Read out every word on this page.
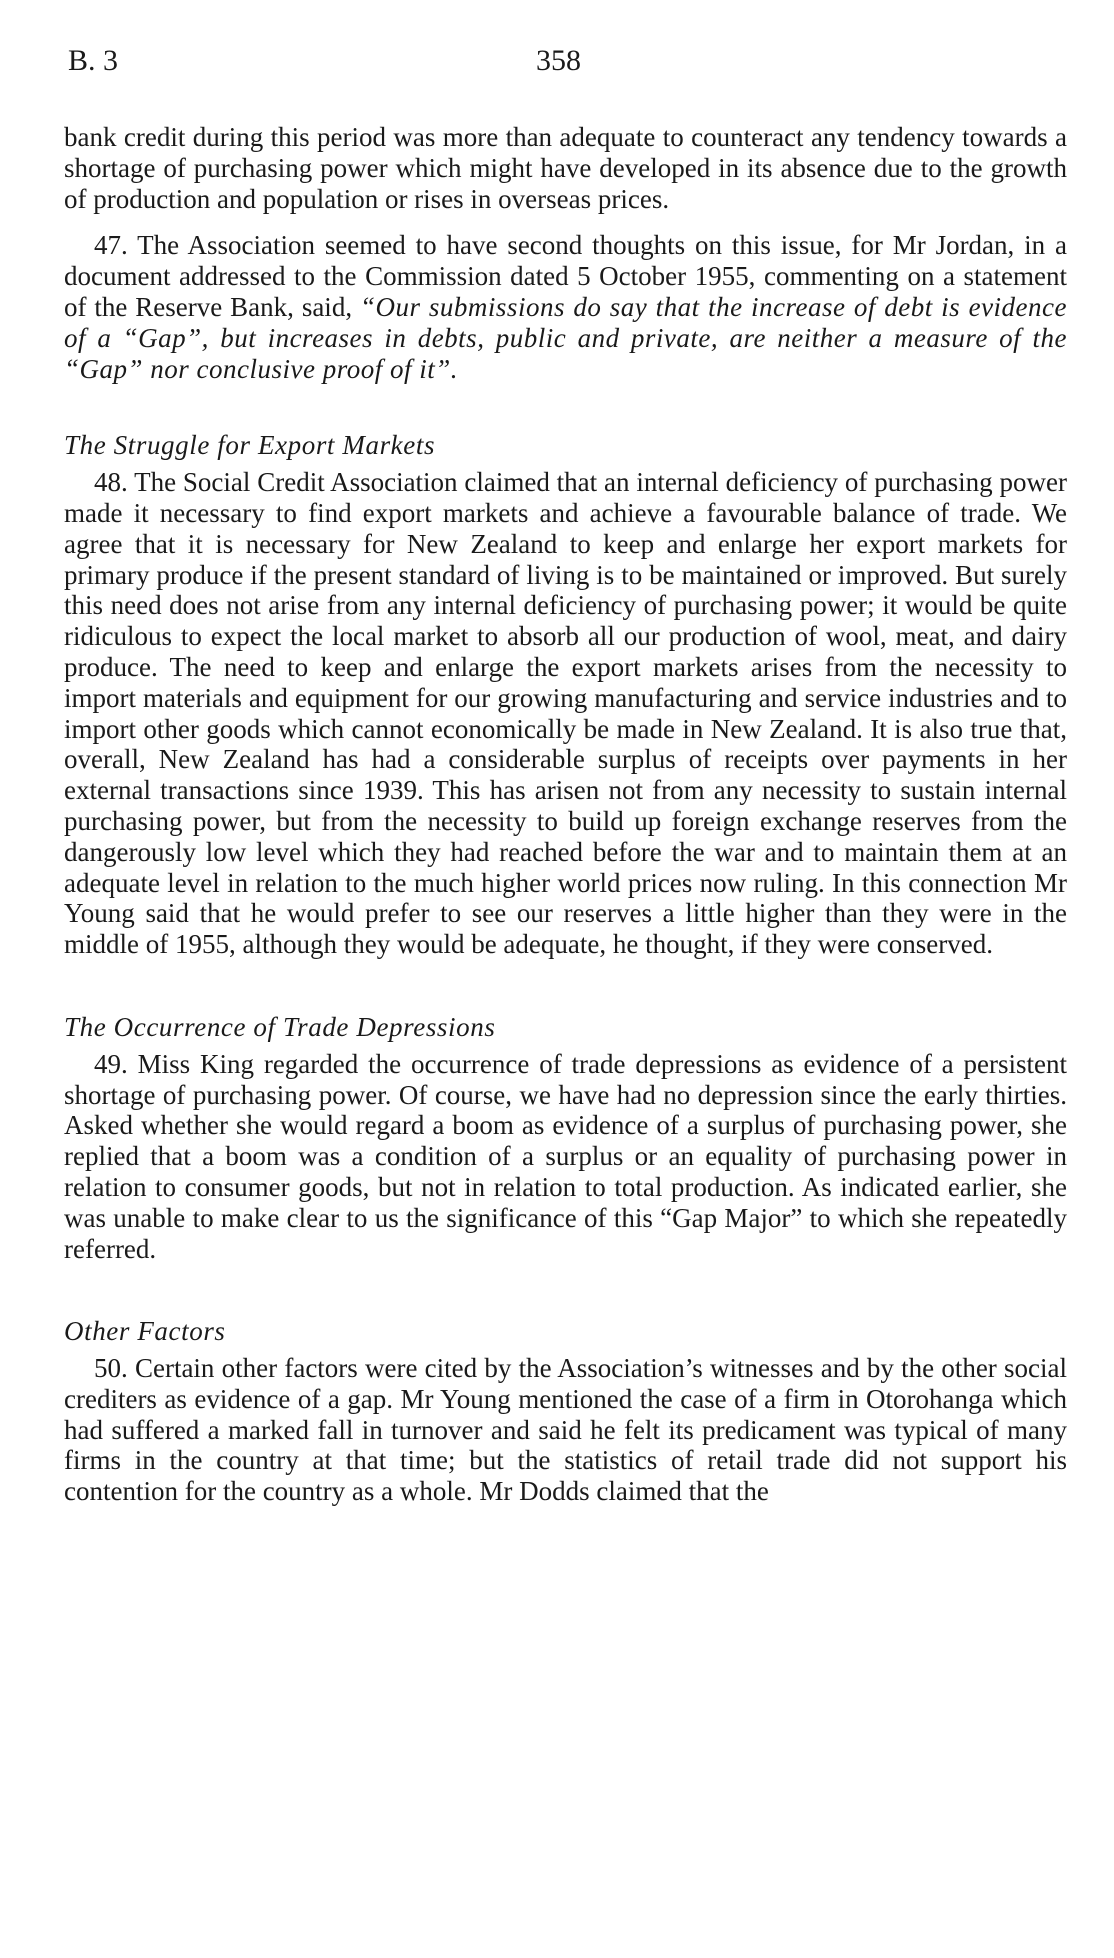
B. 3	358

bank credit during this period was more than adequate to counteract any tendency towards a shortage of purchasing power which might have developed in its absence due to the growth of production and population or rises in overseas prices.

47. The Association seemed to have second thoughts on this issue, for Mr Jordan, in a document addressed to the Commission dated 5 October 1955, commenting on a statement of the Reserve Bank, said, “Our submissions do say that the increase of debt is evidence of a “Gap”, but increases in debts, public and private, are neither a measure of the “Gap” nor conclusive proof of it”.

The Struggle for Export Markets

48. The Social Credit Association claimed that an internal deficiency of purchasing power made it necessary to find export markets and achieve a favourable balance of trade. We agree that it is necessary for New Zealand to keep and enlarge her export markets for primary produce if the present standard of living is to be maintained or improved. But surely this need does not arise from any internal deficiency of purchasing power; it would be quite ridiculous to expect the local market to absorb all our production of wool, meat, and dairy produce. The need to keep and enlarge the export markets arises from the necessity to import materials and equipment for our growing manufacturing and service industries and to import other goods which cannot economically be made in New Zealand. It is also true that, overall, New Zealand has had a considerable surplus of receipts over payments in her external transactions since 1939. This has arisen not from any necessity to sustain internal purchasing power, but from the necessity to build up foreign exchange reserves from the dangerously low level which they had reached before the war and to maintain them at an adequate level in relation to the much higher world prices now ruling. In this connection Mr Young said that he would prefer to see our reserves a little higher than they were in the middle of 1955, although they would be adequate, he thought, if they were conserved.

The Occurrence of Trade Depressions

49. Miss King regarded the occurrence of trade depressions as evidence of a persistent shortage of purchasing power. Of course, we have had no depression since the early thirties. Asked whether she would regard a boom as evidence of a surplus of purchasing power, she replied that a boom was a condition of a surplus or an equality of purchasing power in relation to consumer goods, but not in relation to total production. As indicated earlier, she was unable to make clear to us the significance of this “Gap Major” to which she repeatedly referred.

Other Factors

50. Certain other factors were cited by the Association’s witnesses and by the other social crediters as evidence of a gap. Mr Young mentioned the case of a firm in Otorohanga which had suffered a marked fall in turnover and said he felt its predicament was typical of many firms in the country at that time; but the statistics of retail trade did not support his contention for the country as a whole. Mr Dodds claimed that the
